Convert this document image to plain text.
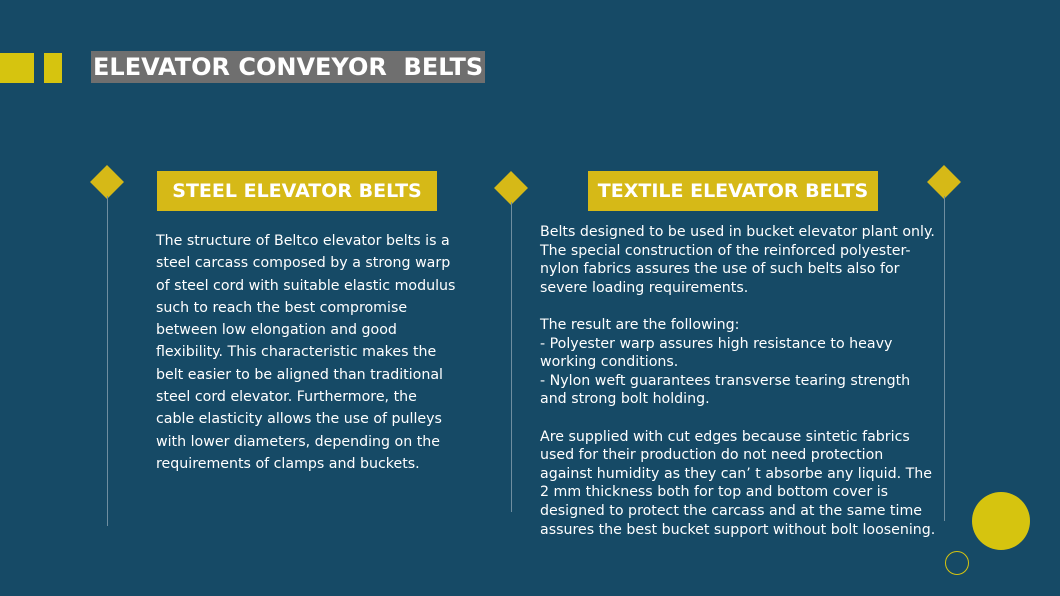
ELEVATOR CONVEYOR  BELTS
STEEL ELEVATOR BELTS

The structure of Beltco elevator belts is a steel carcass composed by a strong warp of steel cord with suitable elastic modulus such to reach the best compromise between low elongation and good flexibility. This characteristic makes the belt easier to be aligned than traditional steel cord elevator. Furthermore, the cable elasticity allows the use of pulleys with lower diameters, depending on the requirements of clamps and buckets.

TEXTILE ELEVATOR BELTS

Belts designed to be used in bucket elevator plant only. The special construction of the reinforced polyester-nylon fabrics assures the use of such belts also for severe loading requirements.

The result are the following:
- Polyester warp assures high resistance to heavy working conditions.
- Nylon weft guarantees transverse tearing strength and strong bolt holding.

Are supplied with cut edges because sintetic fabrics used for their production do not need protection against humidity as they can’ t absorbe any liquid. The 2 mm thickness both for top and bottom cover is designed to protect the carcass and at the same time assures the best bucket support without bolt loosening.
